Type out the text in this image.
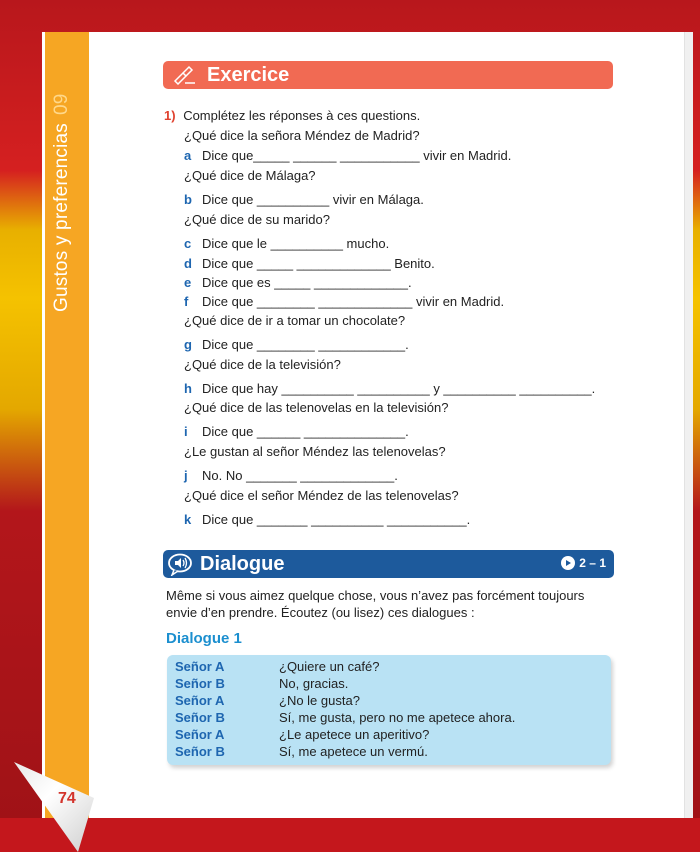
Gustos y preferencias09
74
Exercice
1) Complétez les réponses à ces questions.
¿Qué dice la señora Méndez de Madrid?
a Dice que_____ ______ ___________ vivir en Madrid.
¿Qué dice de Málaga?
b Dice que __________ vivir en Málaga.
¿Qué dice de su marido?
c Dice que le __________ mucho.
d Dice que _____ _____________ Benito.
e Dice que es _____ _____________.
f Dice que ________ _____________ vivir en Madrid.
¿Qué dice de ir a tomar un chocolate?
g Dice que ________ ____________.
¿Qué dice de la televisión?
h Dice que hay __________ __________ y __________ __________.
¿Qué dice de las telenovelas en la televisión?
i Dice que ______ ______________.
¿Le gustan al señor Méndez las telenovelas?
j No. No _______ _____________.
¿Qué dice el señor Méndez de las telenovelas?
k Dice que _______ __________ ___________.
Dialogue	2 – 1
Même si vous aimez quelque chose, vous n’avez pas forcément toujours envie d’en prendre. Écoutez (ou lisez) ces dialogues :
Dialogue 1
Señor A	¿Quiere un café?
Señor B	No, gracias.
Señor A	¿No le gusta?
Señor B	Sí, me gusta, pero no me apetece ahora.
Señor A	¿Le apetece un aperitivo?
Señor B	Sí, me apetece un vermú.
